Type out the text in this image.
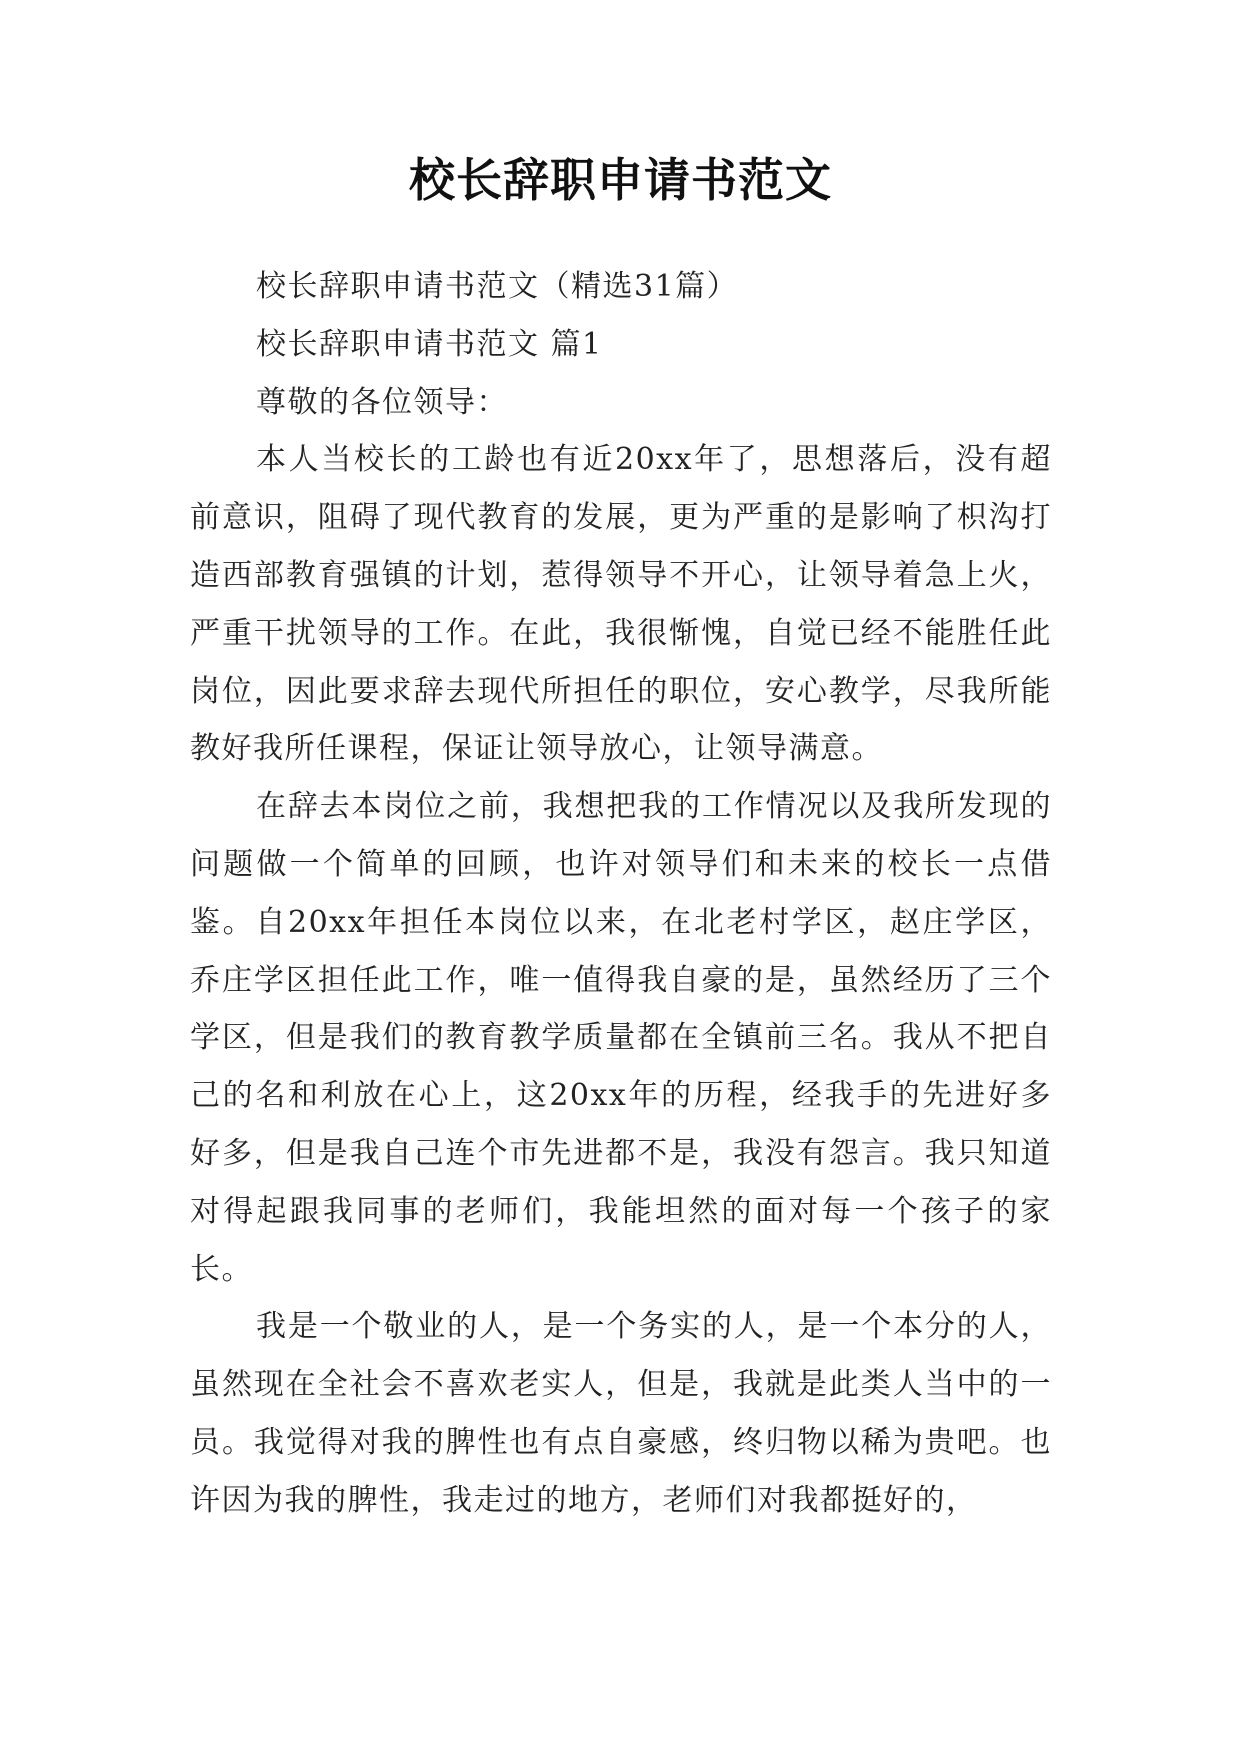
校长辞职申请书范文

校长辞职申请书范文（精选31篇）

校长辞职申请书范文 篇1

尊敬的各位领导：

本人当校长的工龄也有近20xx年了，思想落后，没有超前意识，阻碍了现代教育的发展，更为严重的是影响了枳沟打造西部教育强镇的计划，惹得领导不开心，让领导着急上火，严重干扰领导的工作。在此，我很惭愧，自觉已经不能胜任此岗位，因此要求辞去现代所担任的职位，安心教学，尽我所能教好我所任课程，保证让领导放心，让领导满意。

在辞去本岗位之前，我想把我的工作情况以及我所发现的问题做一个简单的回顾，也许对领导们和未来的校长一点借鉴。自20xx年担任本岗位以来，在北老村学区，赵庄学区，乔庄学区担任此工作，唯一值得我自豪的是，虽然经历了三个学区，但是我们的教育教学质量都在全镇前三名。我从不把自己的名和利放在心上，这20xx年的历程，经我手的先进好多好多，但是我自己连个市先进都不是，我没有怨言。我只知道对得起跟我同事的老师们，我能坦然的面对每一个孩子的家长。

我是一个敬业的人，是一个务实的人，是一个本分的人，虽然现在全社会不喜欢老实人，但是，我就是此类人当中的一员。我觉得对我的脾性也有点自豪感，终归物以稀为贵吧。也许因为我的脾性，我走过的地方，老师们对我都挺好的，
